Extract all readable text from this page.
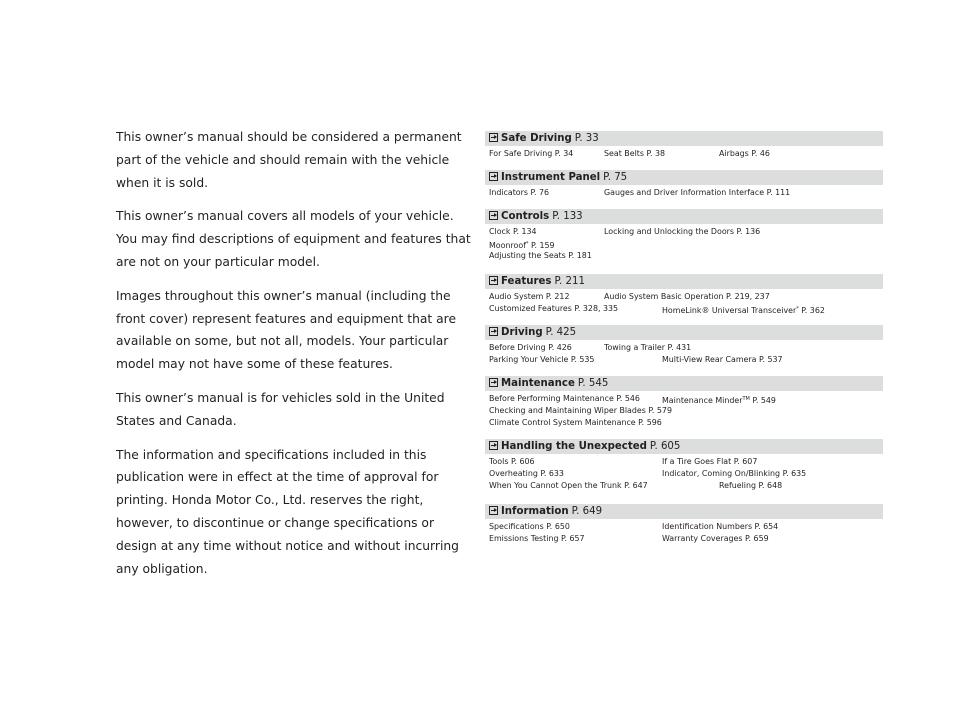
This owner’s manual should be considered a permanent part of the vehicle and should remain with the vehicle when it is sold.

This owner’s manual covers all models of your vehicle. You may find descriptions of equipment and features that are not on your particular model.

Images throughout this owner’s manual (including the front cover) represent features and equipment that are available on some, but not all, models. Your particular model may not have some of these features.

This owner’s manual is for vehicles sold in the United States and Canada.

The information and specifications included in this publication were in effect at the time of approval for printing. Honda Motor Co., Ltd. reserves the right, however, to discontinue or change specifications or design at any time without notice and without incurring any obligation.

Safe Driving P. 33
For Safe Driving P. 34	Seat Belts P. 38	Airbags P. 46
Instrument Panel P. 75
Indicators P. 76	Gauges and Driver Information Interface P. 111
Controls P. 133
Clock P. 134	Locking and Unlocking the Doors P. 136
Moonroof* P. 159
Adjusting the Seats P. 181
Features P. 211
Audio System P. 212	Audio System Basic Operation P. 219, 237
Customized Features P. 328, 335	HomeLink® Universal Transceiver* P. 362
Driving P. 425
Before Driving P. 426	Towing a Trailer P. 431
Parking Your Vehicle P. 535	Multi-View Rear Camera P. 537
Maintenance P. 545
Before Performing Maintenance P. 546	Maintenance Minder™ P. 549
Checking and Maintaining Wiper Blades P. 579
Climate Control System Maintenance P. 596
Handling the Unexpected P. 605
Tools P. 606	If a Tire Goes Flat P. 607
Overheating P. 633	Indicator, Coming On/Blinking P. 635
When You Cannot Open the Trunk P. 647	Refueling P. 648
Information P. 649
Specifications P. 650	Identification Numbers P. 654
Emissions Testing P. 657	Warranty Coverages P. 659
